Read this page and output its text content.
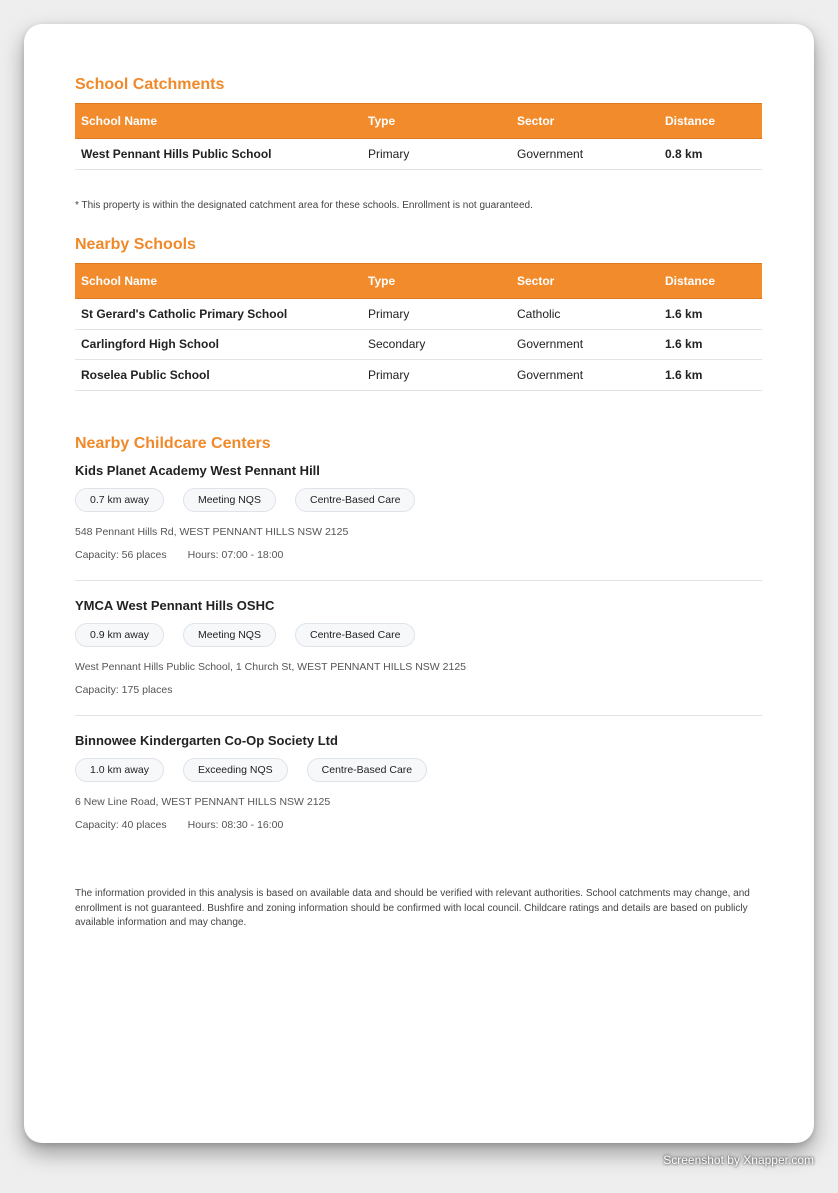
School Catchments
School Name	Type	Sector	Distance
West Pennant Hills Public School	Primary	Government	0.8 km
* This property is within the designated catchment area for these schools. Enrollment is not guaranteed.
Nearby Schools
School Name	Type	Sector	Distance
St Gerard's Catholic Primary School	Primary	Catholic	1.6 km
Carlingford High School	Secondary	Government	1.6 km
Roselea Public School	Primary	Government	1.6 km
Nearby Childcare Centers
Kids Planet Academy West Pennant Hill
0.7 km away	Meeting NQS	Centre-Based Care
548 Pennant Hills Rd, WEST PENNANT HILLS NSW 2125
Capacity: 56 places Hours: 07:00 - 18:00
YMCA West Pennant Hills OSHC
0.9 km away	Meeting NQS	Centre-Based Care
West Pennant Hills Public School, 1 Church St, WEST PENNANT HILLS NSW 2125
Capacity: 175 places
Binnowee Kindergarten Co-Op Society Ltd
1.0 km away	Exceeding NQS	Centre-Based Care
6 New Line Road, WEST PENNANT HILLS NSW 2125
Capacity: 40 places Hours: 08:30 - 16:00
The information provided in this analysis is based on available data and should be verified with relevant authorities. School catchments may change, and enrollment is not guaranteed. Bushfire and zoning information should be confirmed with local council. Childcare ratings and details are based on publicly available information and may change.
Screenshot by Xnapper.com
